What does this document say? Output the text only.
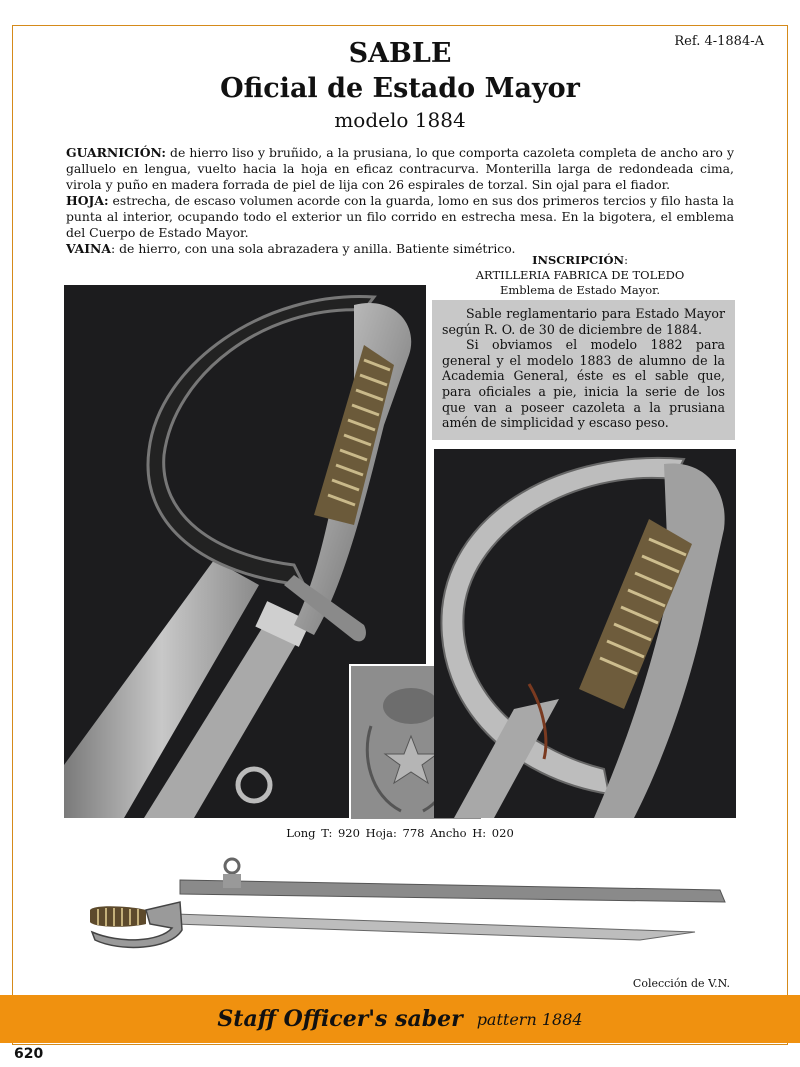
Ref. 4-1884-A
SABLE
Oficial de Estado Mayor
modelo 1884

GUARNICIÓN: de hierro liso y bruñido, a la prusiana, lo que comporta cazoleta completa de ancho aro y galluelo en lengua, vuelto hacia la hoja en eficaz contracurva. Monterilla larga de redondeada cima, virola y puño en madera forrada de piel de lija con 26 espirales de torzal. Sin ojal para el fiador.

HOJA: estrecha, de escaso volumen acorde con la guarda, lomo en sus dos primeros tercios y filo hasta la punta al interior, ocupando todo el exterior un filo corrido en estrecha mesa. En la bigotera, el emblema del Cuerpo de Estado Mayor.

VAINA: de hierro, con una sola abrazadera y anilla. Batiente simétrico.

INSCRIPCIÓN:
ARTILLERIA FABRICA DE TOLEDO
Emblema de Estado Mayor.

Sable reglamentario para Estado Mayor según R. O. de 30 de diciembre de 1884.

Si obviamos el modelo 1882 para general y el modelo 1883 de alumno de la Academia General, éste es el sable que, para oficiales a pie, inicia la serie de los que van a poseer cazoleta a la prusiana amén de simplicidad y escaso peso.

Long T: 920 Hoja: 778 Ancho H: 020
Colección de V.N.
Staff Officer's saber pattern 1884
620
